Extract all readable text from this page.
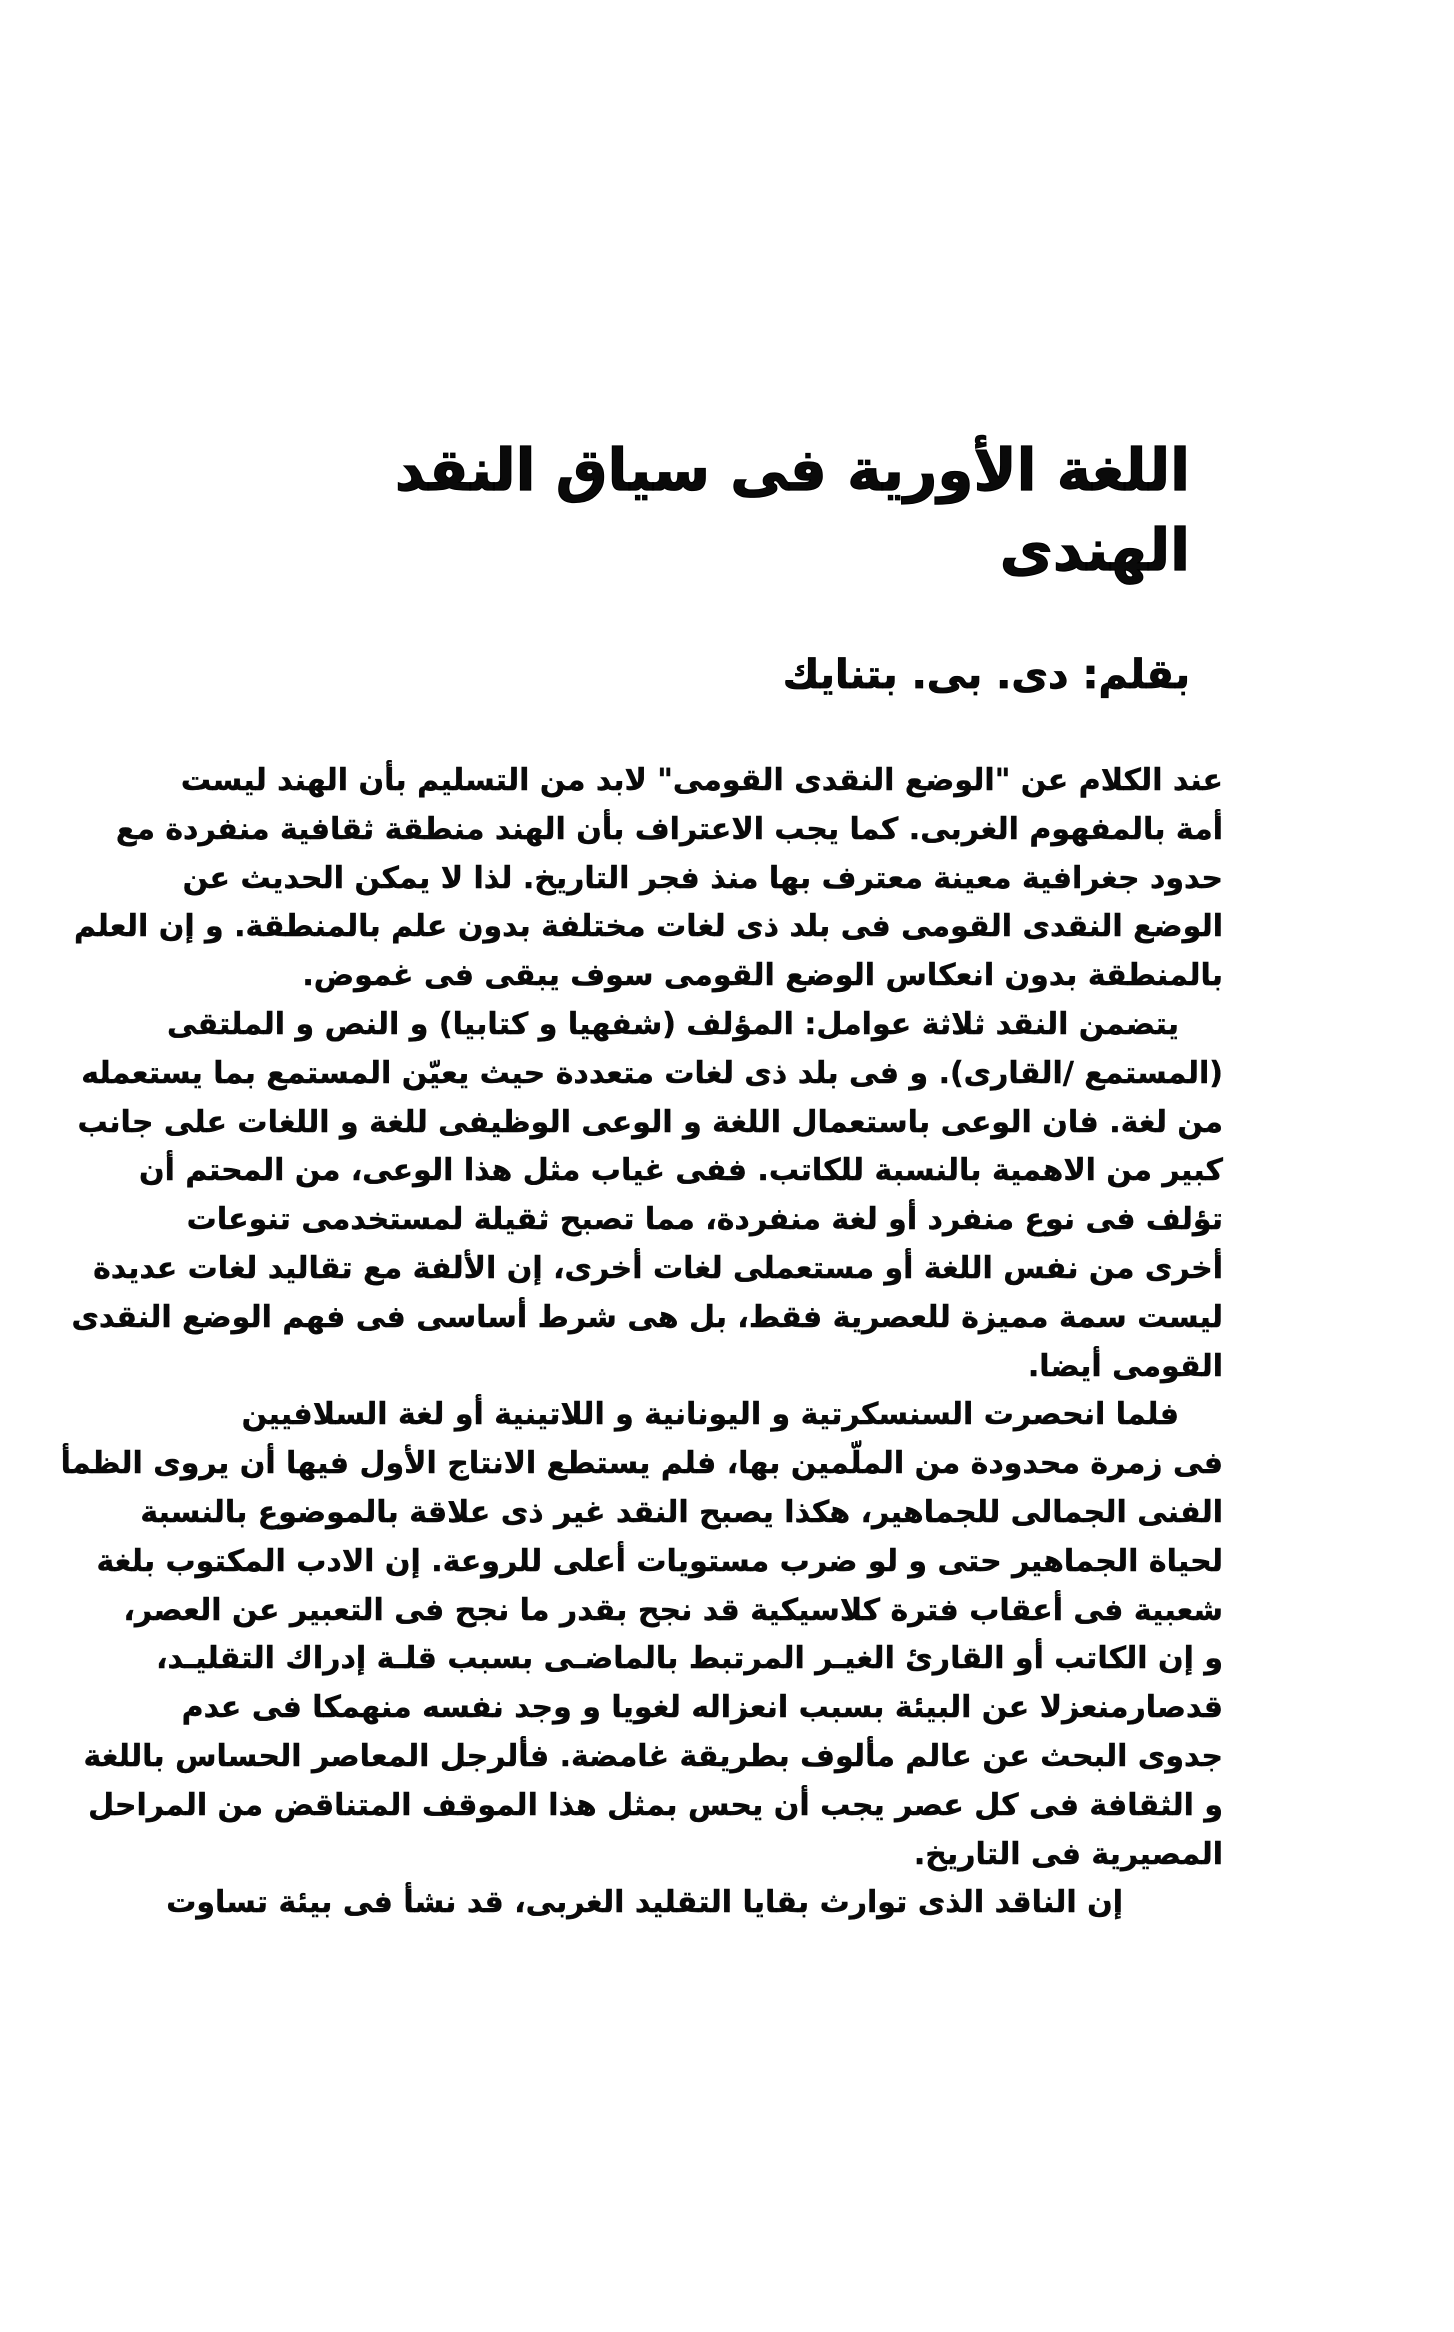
اللغة الأورية فى سياق النقد الهندى
بقلم: دى. بى. بتنايك
عند الكلام عن "الوضع النقدى القومى" لابد من التسليم بأن الهند ليست
أمة بالمفهوم الغربى. كما يجب الاعتراف بأن الهند منطقة ثقافية منفردة مع
حدود جغرافية معينة معترف بها منذ فجر التاريخ. لذا لا يمكن الحديث عن
الوضع النقدى القومى فى بلد ذى لغات مختلفة بدون علم بالمنطقة. و إن العلم
بالمنطقة بدون انعكاس الوضع القومى سوف يبقى فى غموض.
يتضمن النقد ثلاثة عوامل: المؤلف (شفهيا و كتابيا) و النص و الملتقى
(المستمع /القارى). و فى بلد ذى لغات متعددة حيث يعيّن المستمع بما يستعمله
من لغة. فان الوعى باستعمال اللغة و الوعى الوظيفى للغة و اللغات على جانب
كبير من الاهمية بالنسبة للكاتب. ففى غياب مثل هذا الوعى، من المحتم أن
تؤلف فى نوع منفرد أو لغة منفردة، مما تصبح ثقيلة لمستخدمى تنوعات
أخرى من نفس اللغة أو مستعملى لغات أخرى، إن الألفة مع تقاليد لغات عديدة
ليست سمة مميزة للعصرية فقط، بل هى شرط أساسى فى فهم الوضع النقدى
القومى أيضا.
فلما انحصرت السنسكرتية و اليونانية و اللاتينية أو لغة السلافيين
فى زمرة محدودة من الملّمين بها، فلم يستطع الانتاج الأول فيها أن يروى الظمأ
الفنى الجمالى للجماهير، هكذا يصبح النقد غير ذى علاقة بالموضوع بالنسبة
لحياة الجماهير حتى و لو ضرب مستويات أعلى للروعة. إن الادب المكتوب بلغة
شعبية فى أعقاب فترة كلاسيكية قد نجح بقدر ما نجح فى التعبير عن العصر،
و إن الكاتب أو القارئ الغيـر المرتبط بالماضـى بسبب قلـة إدراك التقليـد،
قدصارمنعزلا عن البيئة بسبب انعزاله لغويا و وجد نفسه منهمكا فى عدم
جدوى البحث عن عالم مألوف بطريقة غامضة. فألرجل المعاصر الحساس باللغة
و الثقافة فى كل عصر يجب أن يحس بمثل هذا الموقف المتناقض من المراحل
المصيرية فى التاريخ.
إن الناقد الذى توارث بقايا التقليد الغربى، قد نشأ فى بيئة تساوت
